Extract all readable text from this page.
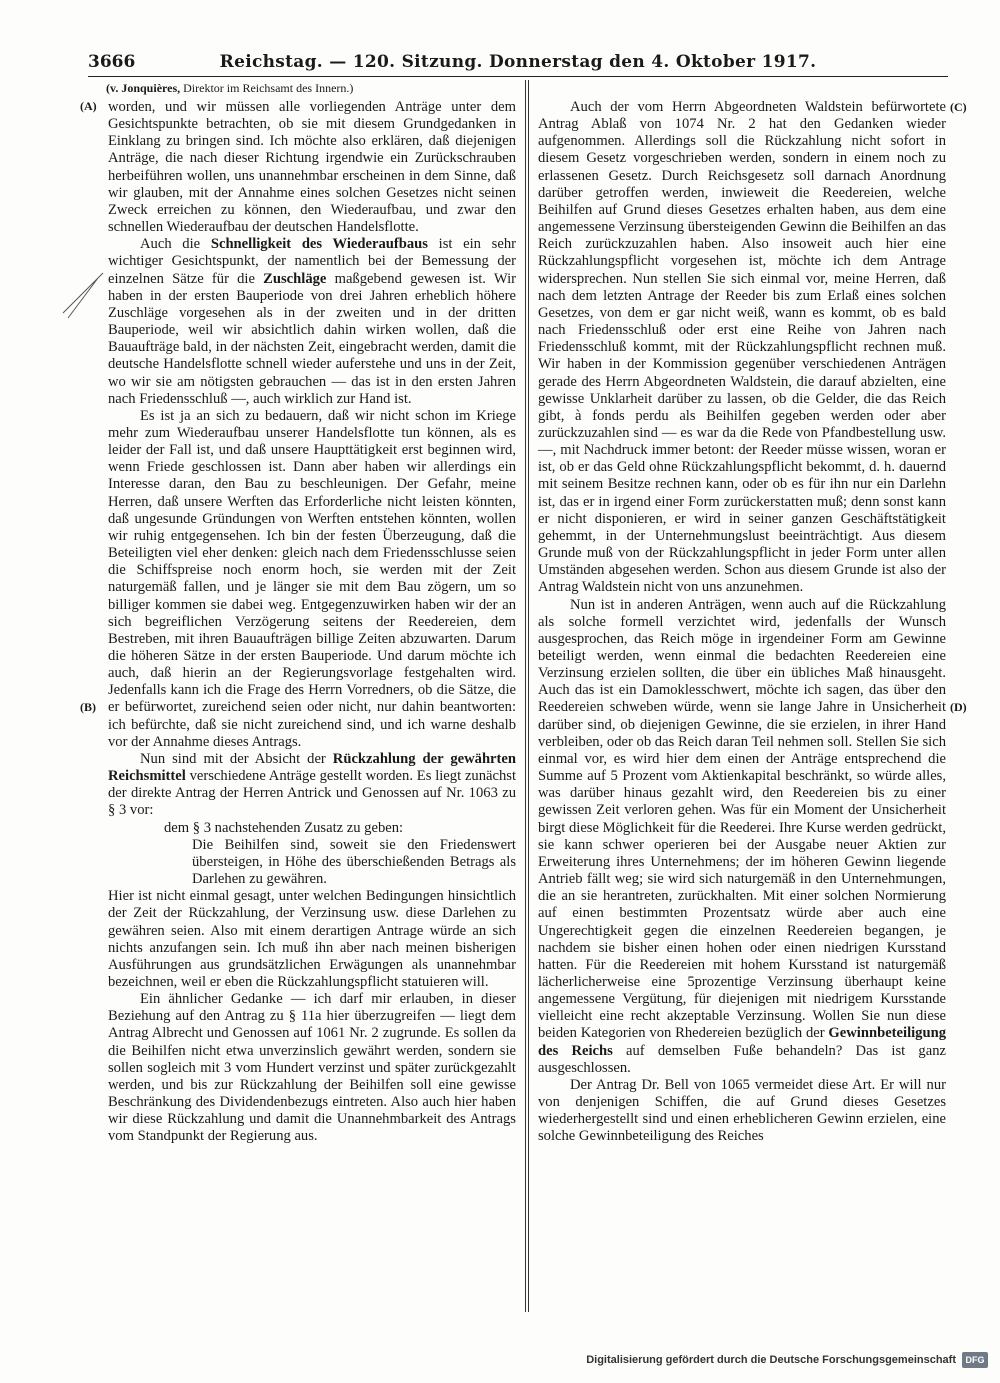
3666	Reichstag. — 120. Sitzung. Donnerstag den 4. Oktober 1917.
(v. Jonquières, Direktor im Reichsamt des Innern.)
(A)
(B)
(C)
(D)

worden, und wir müssen alle vorliegenden Anträge unter dem Gesichtspunkte betrachten, ob sie mit diesem Grundgedanken in Einklang zu bringen sind. Ich möchte also erklären, daß diejenigen Anträge, die nach dieser Richtung irgendwie ein Zurückschrauben herbeiführen wollen, uns unannehmbar erscheinen in dem Sinne, daß wir glauben, mit der Annahme eines solchen Gesetzes nicht seinen Zweck erreichen zu können, den Wiederaufbau, und zwar den schnellen Wiederaufbau der deutschen Handelsflotte.

Auch die Schnelligkeit des Wiederaufbaus ist ein sehr wichtiger Gesichtspunkt, der namentlich bei der Bemessung der einzelnen Sätze für die Zuschläge maßgebend gewesen ist. Wir haben in der ersten Bauperiode von drei Jahren erheblich höhere Zuschläge vorgesehen als in der zweiten und in der dritten Bauperiode, weil wir absichtlich dahin wirken wollen, daß die Bauaufträge bald, in der nächsten Zeit, eingebracht werden, damit die deutsche Handelsflotte schnell wieder auferstehe und uns in der Zeit, wo wir sie am nötigsten gebrauchen — das ist in den ersten Jahren nach Friedensschluß —, auch wirklich zur Hand ist.

Es ist ja an sich zu bedauern, daß wir nicht schon im Kriege mehr zum Wiederaufbau unserer Handelsflotte tun können, als es leider der Fall ist, und daß unsere Haupttätigkeit erst beginnen wird, wenn Friede geschlossen ist. Dann aber haben wir allerdings ein Interesse daran, den Bau zu beschleunigen. Der Gefahr, meine Herren, daß unsere Werften das Erforderliche nicht leisten könnten, daß ungesunde Gründungen von Werften entstehen könnten, wollen wir ruhig entgegensehen. Ich bin der festen Überzeugung, daß die Beteiligten viel eher denken: gleich nach dem Friedensschlusse seien die Schiffspreise noch enorm hoch, sie werden mit der Zeit naturgemäß fallen, und je länger sie mit dem Bau zögern, um so billiger kommen sie dabei weg. Entgegenzuwirken haben wir der an sich begreiflichen Verzögerung seitens der Reedereien, dem Bestreben, mit ihren Bauaufträgen billige Zeiten abzuwarten. Darum die höheren Sätze in der ersten Bauperiode. Und darum möchte ich auch, daß hierin an der Regierungsvorlage festgehalten wird. Jedenfalls kann ich die Frage des Herrn Vorredners, ob die Sätze, die er befürwortet, zureichend seien oder nicht, nur dahin beantworten: ich befürchte, daß sie nicht zureichend sind, und ich warne deshalb vor der Annahme dieses Antrags.

Nun sind mit der Absicht der Rückzahlung der gewährten Reichsmittel verschiedene Anträge gestellt worden. Es liegt zunächst der direkte Antrag der Herren Antrick und Genossen auf Nr. 1063 zu § 3 vor:

dem § 3 nachstehenden Zusatz zu geben:

Die Beihilfen sind, soweit sie den Friedenswert übersteigen, in Höhe des überschießenden Betrags als Darlehen zu gewähren.

Hier ist nicht einmal gesagt, unter welchen Bedingungen hinsichtlich der Zeit der Rückzahlung, der Verzinsung usw. diese Darlehen zu gewähren seien. Also mit einem derartigen Antrage würde an sich nichts anzufangen sein. Ich muß ihn aber nach meinen bisherigen Ausführungen aus grundsätzlichen Erwägungen als unannehmbar bezeichnen, weil er eben die Rückzahlungspflicht statuieren will.

Ein ähnlicher Gedanke — ich darf mir erlauben, in dieser Beziehung auf den Antrag zu § 11a hier überzugreifen — liegt dem Antrag Albrecht und Genossen auf 1061 Nr. 2 zugrunde. Es sollen da die Beihilfen nicht etwa unverzinslich gewährt werden, sondern sie sollen sogleich mit 3 vom Hundert verzinst und später zurückgezahlt werden, und bis zur Rückzahlung der Beihilfen soll eine gewisse Beschränkung des Dividendenbezugs eintreten. Also auch hier haben wir diese Rückzahlung und damit die Unannehmbarkeit des Antrags vom Standpunkt der Regierung aus.

Auch der vom Herrn Abgeordneten Waldstein befürwortete Antrag Ablaß von 1074 Nr. 2 hat den Gedanken wieder aufgenommen. Allerdings soll die Rückzahlung nicht sofort in diesem Gesetz vorgeschrieben werden, sondern in einem noch zu erlassenen Gesetz. Durch Reichsgesetz soll darnach Anordnung darüber getroffen werden, inwieweit die Reedereien, welche Beihilfen auf Grund dieses Gesetzes erhalten haben, aus dem eine angemessene Verzinsung übersteigenden Gewinn die Beihilfen an das Reich zurückzuzahlen haben. Also insoweit auch hier eine Rückzahlungspflicht vorgesehen ist, möchte ich dem Antrage widersprechen. Nun stellen Sie sich einmal vor, meine Herren, daß nach dem letzten Antrage der Reeder bis zum Erlaß eines solchen Gesetzes, von dem er gar nicht weiß, wann es kommt, ob es bald nach Friedensschluß oder erst eine Reihe von Jahren nach Friedensschluß kommt, mit der Rückzahlungspflicht rechnen muß. Wir haben in der Kommission gegenüber verschiedenen Anträgen gerade des Herrn Abgeordneten Waldstein, die darauf abzielten, eine gewisse Unklarheit darüber zu lassen, ob die Gelder, die das Reich gibt, à fonds perdu als Beihilfen gegeben werden oder aber zurückzuzahlen sind — es war da die Rede von Pfandbestellung usw. —, mit Nachdruck immer betont: der Reeder müsse wissen, woran er ist, ob er das Geld ohne Rückzahlungspflicht bekommt, d. h. dauernd mit seinem Besitze rechnen kann, oder ob es für ihn nur ein Darlehn ist, das er in irgend einer Form zurückerstatten muß; denn sonst kann er nicht disponieren, er wird in seiner ganzen Geschäftstätigkeit gehemmt, in der Unternehmungslust beeinträchtigt. Aus diesem Grunde muß von der Rückzahlungspflicht in jeder Form unter allen Umständen abgesehen werden. Schon aus diesem Grunde ist also der Antrag Waldstein nicht von uns anzunehmen.

Nun ist in anderen Anträgen, wenn auch auf die Rückzahlung als solche formell verzichtet wird, jedenfalls der Wunsch ausgesprochen, das Reich möge in irgendeiner Form am Gewinne beteiligt werden, wenn einmal die bedachten Reedereien eine Verzinsung erzielen sollten, die über ein übliches Maß hinausgeht. Auch das ist ein Damoklesschwert, möchte ich sagen, das über den Reedereien schweben würde, wenn sie lange Jahre in Unsicherheit darüber sind, ob diejenigen Gewinne, die sie erzielen, in ihrer Hand verbleiben, oder ob das Reich daran Teil nehmen soll. Stellen Sie sich einmal vor, es wird hier dem einen der Anträge entsprechend die Summe auf 5 Prozent vom Aktienkapital beschränkt, so würde alles, was darüber hinaus gezahlt wird, den Reedereien bis zu einer gewissen Zeit verloren gehen. Was für ein Moment der Unsicherheit birgt diese Möglichkeit für die Reederei. Ihre Kurse werden gedrückt, sie kann schwer operieren bei der Ausgabe neuer Aktien zur Erweiterung ihres Unternehmens; der im höheren Gewinn liegende Antrieb fällt weg; sie wird sich naturgemäß in den Unternehmungen, die an sie herantreten, zurückhalten. Mit einer solchen Normierung auf einen bestimmten Prozentsatz würde aber auch eine Ungerechtigkeit gegen die einzelnen Reedereien begangen, je nachdem sie bisher einen hohen oder einen niedrigen Kursstand hatten. Für die Reedereien mit hohem Kursstand ist naturgemäß lächerlicherweise eine 5prozentige Verzinsung überhaupt keine angemessene Vergütung, für diejenigen mit niedrigem Kursstande vielleicht eine recht akzeptable Verzinsung. Wollen Sie nun diese beiden Kategorien von Rhedereien bezüglich der Gewinnbeteiligung des Reichs auf demselben Fuße behandeln? Das ist ganz ausgeschlossen.

Der Antrag Dr. Bell von 1065 vermeidet diese Art. Er will nur von denjenigen Schiffen, die auf Grund dieses Gesetzes wiederhergestellt sind und einen erheblicheren Gewinn erzielen, eine solche Gewinnbeteiligung des Reiches

Digitalisierung gefördert durch die Deutsche Forschungsgemeinschaft	DFG
